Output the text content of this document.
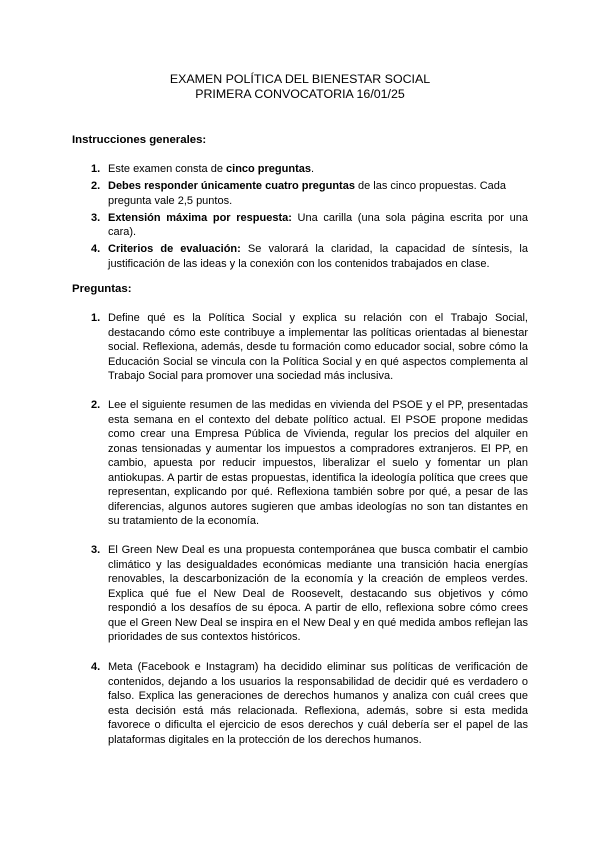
EXAMEN POLÍTICA DEL BIENESTAR SOCIAL
PRIMERA CONVOCATORIA 16/01/25
Instrucciones generales:
1. Este examen consta de cinco preguntas.
2. Debes responder únicamente cuatro preguntas de las cinco propuestas. Cada pregunta vale 2,5 puntos.
3. Extensión máxima por respuesta: Una carilla (una sola página escrita por una cara).
4. Criterios de evaluación: Se valorará la claridad, la capacidad de síntesis, la justificación de las ideas y la conexión con los contenidos trabajados en clase.
Preguntas:
1. Define qué es la Política Social y explica su relación con el Trabajo Social, destacando cómo este contribuye a implementar las políticas orientadas al bienestar social. Reflexiona, además, desde tu formación como educador social, sobre cómo la Educación Social se vincula con la Política Social y en qué aspectos complementa al Trabajo Social para promover una sociedad más inclusiva.
2. Lee el siguiente resumen de las medidas en vivienda del PSOE y el PP, presentadas esta semana en el contexto del debate político actual. El PSOE propone medidas como crear una Empresa Pública de Vivienda, regular los precios del alquiler en zonas tensionadas y aumentar los impuestos a compradores extranjeros. El PP, en cambio, apuesta por reducir impuestos, liberalizar el suelo y fomentar un plan antiokupas. A partir de estas propuestas, identifica la ideología política que crees que representan, explicando por qué. Reflexiona también sobre por qué, a pesar de las diferencias, algunos autores sugieren que ambas ideologías no son tan distantes en su tratamiento de la economía.
3. El Green New Deal es una propuesta contemporánea que busca combatir el cambio climático y las desigualdades económicas mediante una transición hacia energías renovables, la descarbonización de la economía y la creación de empleos verdes. Explica qué fue el New Deal de Roosevelt, destacando sus objetivos y cómo respondió a los desafíos de su época. A partir de ello, reflexiona sobre cómo crees que el Green New Deal se inspira en el New Deal y en qué medida ambos reflejan las prioridades de sus contextos históricos.
4. Meta (Facebook e Instagram) ha decidido eliminar sus políticas de verificación de contenidos, dejando a los usuarios la responsabilidad de decidir qué es verdadero o falso. Explica las generaciones de derechos humanos y analiza con cuál crees que esta decisión está más relacionada. Reflexiona, además, sobre si esta medida favorece o dificulta el ejercicio de esos derechos y cuál debería ser el papel de las plataformas digitales en la protección de los derechos humanos.
